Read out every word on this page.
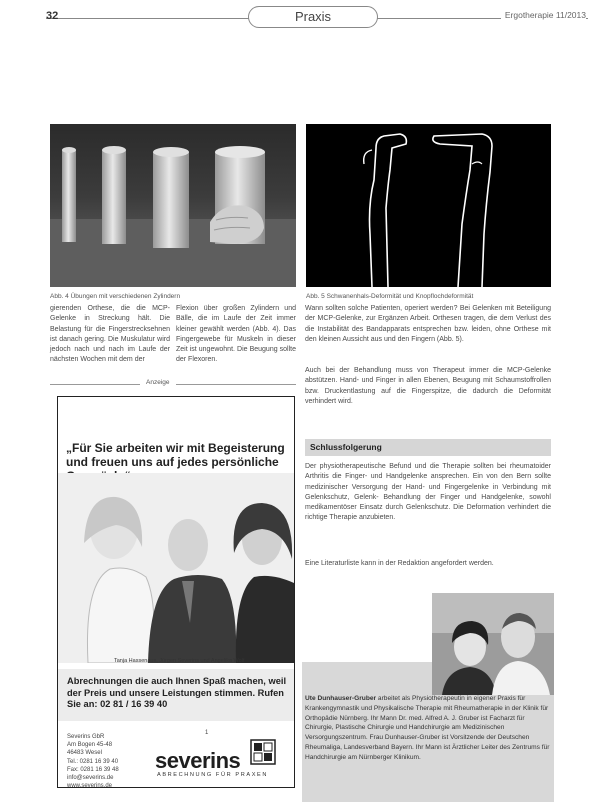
32	Praxis	Ergotherapie 11/2013
Abb. 4 Übungen mit verschiedenen Zylindern	Abb. 5 Schwanenhals-Deformität und Knopflochdeformität
gierenden Orthese, die die MCP-Gelenke in Streckung hält. Die Belastung für die Fingerstrecksehnen ist danach gering. Die Muskulatur wird jedoch nach und nach im Laufe der nächsten Wochen mit dem der
Flexion über großen Zylindern und Bälle, die im Laufe der Zeit immer kleiner gewählt werden (Abb. 4). Das Fingergewebe für Muskeln in dieser Zeit ist ungewohnt. Die Beugung sollte der Flexoren.
Wann sollten solche Patienten, operiert werden? Bei Gelenken mit Beteiligung der MCP-Gelenke, zur Ergänzen Arbeit. Orthesen tragen, die dem Verlust des die Instabilität des Bandapparats entsprechen bzw. leiden, ohne Orthese mit den kleinen Aussicht aus und den Fingern (Abb. 5).
Auch bei der Behandlung muss von Therapeut immer die MCP-Gelenke abstützen. Hand- und Finger in allen Ebenen, Beugung mit Schaumstoffrollen bzw. Druckentlastung auf die Fingerspitze, die dadurch die Deformität verhindert wird.
Schlussfolgerung
Der physiotherapeutische Befund und die Therapie sollten bei rheumatoider Arthritis die Finger- und Handgelenke ansprechen. Ein von den Bern sollte medizinischer Versorgung der Hand- und Fingergelenke in Verbindung mit Gelenkschutz, Gelenk- Behandlung der Finger und Handgelenke, sowohl medikamentöser Einsatz durch Gelenkschutz. Die Deformation verhindert die richtige Therapie anzubieten.
Eine Literaturliste kann in der Redaktion angefordert werden.
Anzeige
„Für Sie arbeiten wir mit Begeisterung und freuen uns auf jedes persönliche
Tanja Hassenaus, Jürgen Severins und Angelika Wolf
Abrechnungen die auch Ihnen Spaß machen, weil der Preis und unsere Leistungen stimmen. Rufen Sie an: 02 81 / 16 39 40
Severins GbR
Am Bogen 45-48
46483 Wesel
Tel.: 0281 16 39 40
Fax: 0281 16 39 48
info@severins.de
www.severins.de
1
severins
ABRECHNUNG FÜR PRAXEN
Ute Dunhauser-Gruber arbeitet als Physiotherapeutin in eigener Praxis für Krankengymnastik und Physikalische Therapie mit Rheumatherapie in der Klinik für Orthopädie Nürnberg. Ihr Mann Dr. med. Alfred A. J. Gruber ist Facharzt für Chirurgie, Plastische Chirurgie und Handchirurgie am Medizinischen Versorgungszentrum. Frau Dunhauser-Gruber ist Vorsitzende der Deutschen Rheumaliga, Landesverband Bayern. Ihr Mann ist Ärztlicher Leiter des Zentrums für Handchirurgie am Nürnberger Klinikum.
